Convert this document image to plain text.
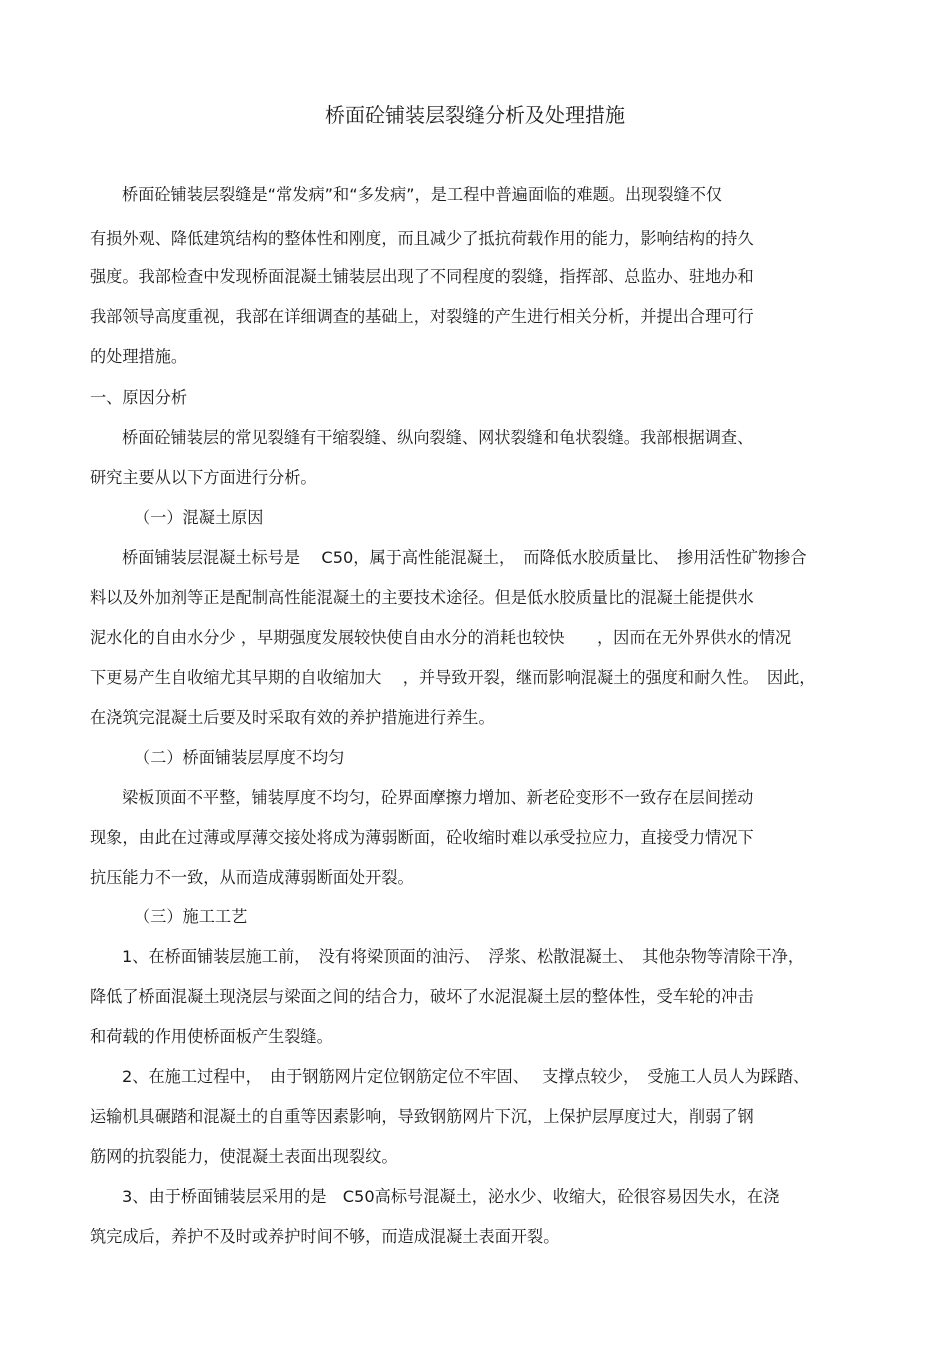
桥面砼铺装层裂缝分析及处理措施
桥面砼铺装层裂缝是“常发病”和“多发病”，是工程中普遍面临的难题。出现裂缝不仅
有损外观、降低建筑结构的整体性和刚度，而且减少了抵抗荷载作用的能力，影响结构的持久
强度。我部检查中发现桥面混凝土铺装层出现了不同程度的裂缝，指挥部、总监办、驻地办和
我部领导高度重视，我部在详细调查的基础上，对裂缝的产生进行相关分析，并提出合理可行
的处理措施。
一、原因分析
桥面砼铺装层的常见裂缝有干缩裂缝、纵向裂缝、网状裂缝和龟状裂缝。我部根据调查、
研究主要从以下方面进行分析。
（一）混凝土原因
桥面铺装层混凝土标号是　 C50，属于高性能混凝土，　而降低水胶质量比、　掺用活性矿物掺合
料以及外加剂等正是配制高性能混凝土的主要技术途径。但是低水胶质量比的混凝土能提供水
泥水化的自由水分少 ，早期强度发展较快使自由水分的消耗也较快　　，因而在无外界供水的情况
下更易产生自收缩尤其早期的自收缩加大　 ，并导致开裂，继而影响混凝土的强度和耐久性。　因此，
在浇筑完混凝土后要及时采取有效的养护措施进行养生。
（二）桥面铺装层厚度不均匀
梁板顶面不平整，铺装厚度不均匀，砼界面摩擦力增加、新老砼变形不一致存在层间搓动
现象，由此在过薄或厚薄交接处将成为薄弱断面，砼收缩时难以承受拉应力，直接受力情况下
抗压能力不一致，从而造成薄弱断面处开裂。
（三）施工工艺
1、在桥面铺装层施工前，　没有将梁顶面的油污、　浮浆、松散混凝土、　其他杂物等清除干净，
降低了桥面混凝土现浇层与梁面之间的结合力，破坏了水泥混凝土层的整体性，受车轮的冲击
和荷载的作用使桥面板产生裂缝。
2、在施工过程中，　由于钢筋网片定位钢筋定位不牢固、　 支撑点较少，　受施工人员人为踩踏、
运输机具碾踏和混凝土的自重等因素影响，导致钢筋网片下沉，上保护层厚度过大，削弱了钢
筋网的抗裂能力，使混凝土表面出现裂纹。
3、由于桥面铺装层采用的是　C50高标号混凝土，泌水少、收缩大，砼很容易因失水，在浇
筑完成后，养护不及时或养护时间不够，而造成混凝土表面开裂。
